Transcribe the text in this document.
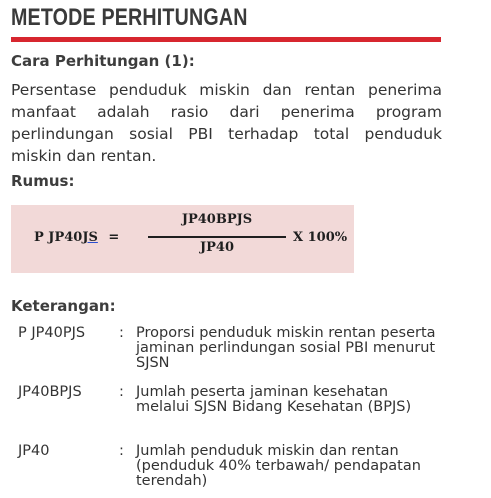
METODE PERHITUNGAN
Cara Perhitungan (1):
Persentase penduduk miskin dan rentan penerima manfaat adalah rasio dari penerima program perlindungan sosial PBI terhadap total penduduk miskin dan rentan.
Rumus:
P JP40JS =
JP40BPJS
JP40
X 100%
Keterangan:
P JP40PJS : Proporsi penduduk miskin rentan peserta jaminan perlindungan sosial PBI menurut SJSN
JP40BPJS	: Jumlah peserta jaminan kesehatan melalui SJSN Bidang Kesehatan (BPJS)
JP40	: Jumlah penduduk miskin dan rentan (penduduk 40% terbawah/ pendapatan terendah)
